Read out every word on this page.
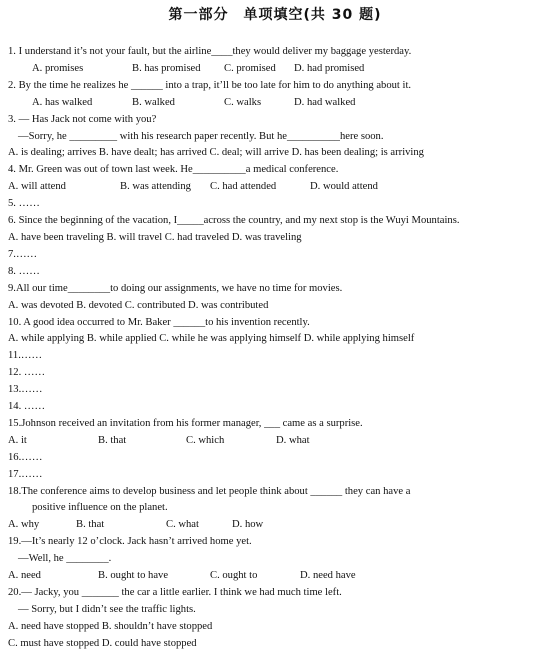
第一部分　单项填空(共 30 题)
1. I understand it’s not your fault, but the airline____they would deliver my baggage yesterday.
A. promises	B. has promised	C. promised	D. had promised
2. By the time he realizes he ______ into a trap, it’ll be too late for him to do anything about it.
A. has walked	B. walked	C. walks	D. had walked
3. — Has Jack not come with you?
—Sorry, he _________ with his research paper recently. But he__________here soon.
A. is dealing; arrives B. have dealt; has arrived C. deal; will arrive D. has been dealing; is arriving
4. Mr. Green was out of town last week. He__________a medical conference.
A. will attend	B. was attending	C. had attended	D. would attend
5. ……
6. Since the beginning of the vacation, I_____across the country, and my next stop is the Wuyi Mountains.
A. have been traveling B. will travel C. had traveled D. was traveling
7.……
8. ……
9.All our time________to doing our assignments, we have no time for movies.
A. was devoted B. devoted C. contributed D. was contributed
10. A good idea occurred to Mr. Baker ______to his invention recently.
A. while applying B. while applied C. while he was applying himself D. while applying himself
11.……
12. ……
13.……
14. ……
15.Johnson received an invitation from his former manager, ___ came as a surprise.
A. it	B. that	C. which	D. what
16.……
17.……
18.The conference aims to develop business and let people think about ______ they can have a
positive influence on the planet.
A. why	B. that	C. what	D. how
19.—It’s nearly 12 o’clock. Jack hasn’t arrived home yet.
—Well, he ________.
A. need	B. ought to have	C. ought to	D. need have
20.— Jacky, you _______ the car a little earlier. I think we had much time left.
— Sorry, but I didn’t see the traffic lights.
A. need have stopped B. shouldn’t have stopped
C. must have stopped D. could have stopped
